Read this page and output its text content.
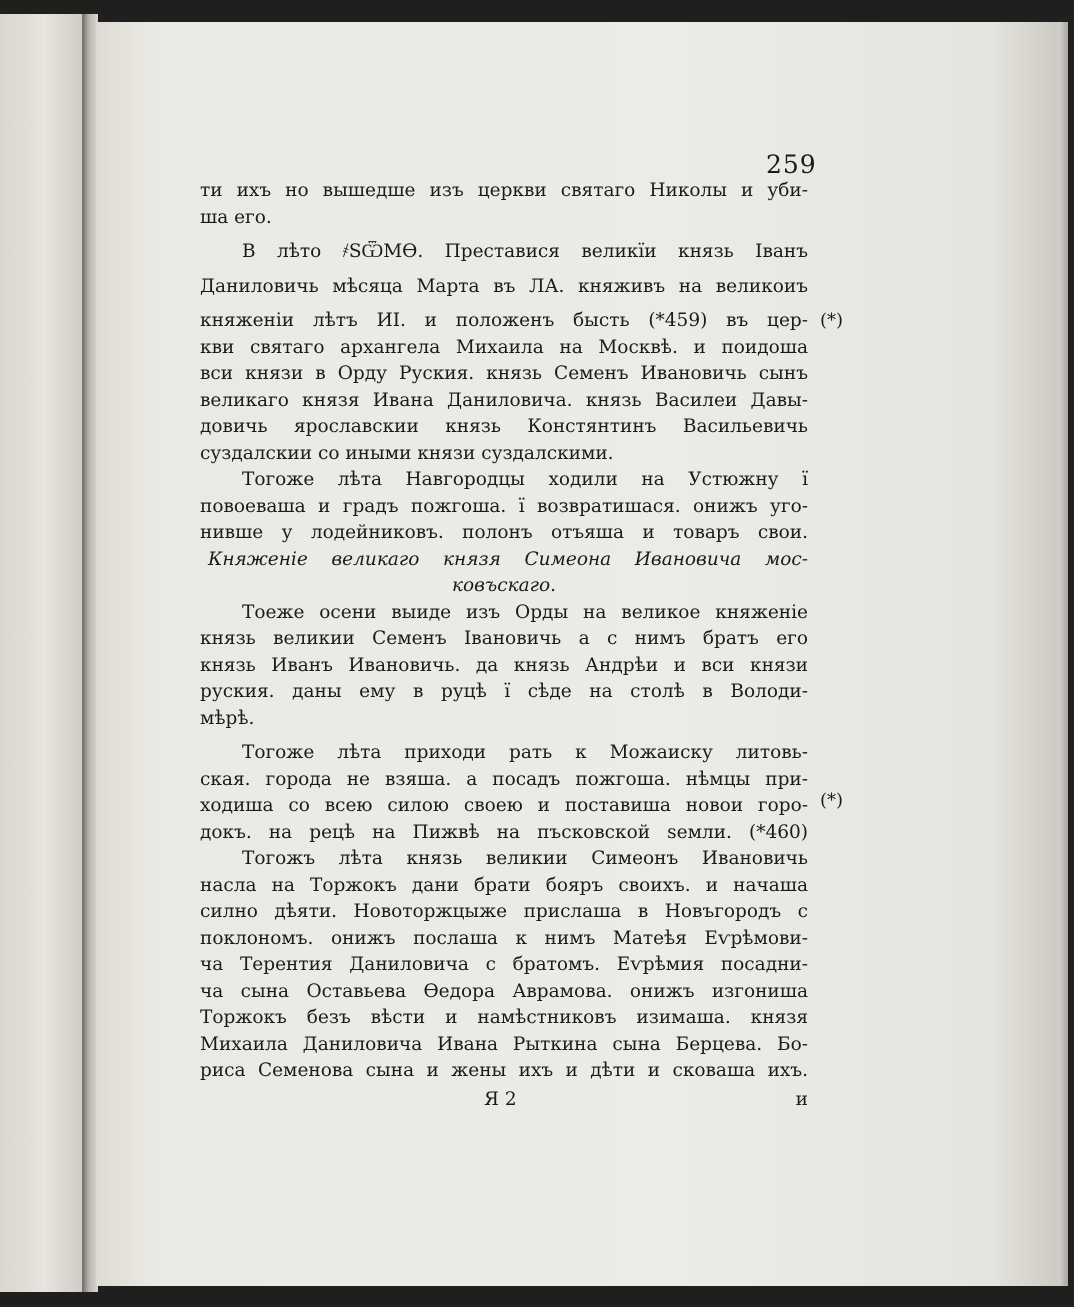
259
ти ихъ но вышедше изъ церкви святаго Николы и уби-
ша его.
В лѣто ҂ЅѾМѲ. Преставися великїи князь Iванъ
Даниловичь мѣсяца Марта въ ЛА. княживъ на великоиъ
княженiи лѣтъ ИI. и положенъ бысть (*459) въ цер-
кви святаго архангела Михаила на Москвѣ. и поидоша
вси князи в Орду Руския. князь Семенъ Ивановичь сынъ
великаго князя Ивана Даниловича. князь Василеи Давы-
довичь ярославскии князь Констянтинъ Васильевичь
суздалскии со иными князи суздалскими.
Тогоже лѣта Навгородцы ходили на Устюжну ї
повоеваша и градъ пожгоша. ї возвратишася. онижъ уго-
нивше у лодейниковъ. полонъ отъяша и товаръ свои.
Княженiе великаго князя Симеона Ивановича мос-
ковъскаго.
Тоеже осени выиде изъ Орды на великое княженiе
князь великии Семенъ Iвановичь а с нимъ братъ его
князь Иванъ Ивановичь. да князь Андрѣи и вси князи
руския. даны ему в руцѣ ї сѣде на столѣ в Володи-
мѣрѣ.
Тогоже лѣта приходи рать к Можаиску литовь-
ская. города не взяша. а посадъ пожгоша. нѣмцы при-
ходиша со всею силою своею и поставиша новои горо-
докъ. на рецѣ на Пижвѣ на пъсковской ѕемли. (*460)
Тогожъ лѣта князь великии Симеонъ Ивановичь
насла на Торжокъ дани брати бояръ своихъ. и начаша
силно дѣяти. Новоторжцыже прислаша в Новъгородъ с
поклономъ. онижъ послаша к нимъ Матеѣя Еѵрѣмови-
ча Терентия Даниловича с братомъ. Еѵрѣмия посадни-
ча сына Оставьева Ѳедора Аврамова. онижъ изгониша
Торжокъ безъ вѣсти и намѣстниковъ изимаша. князя
Михаила Даниловича Ивана Рыткина сына Берцева. Бо-
риса Семенова сына и жены ихъ и дѣти и сковаша ихъ.
Я 2	и
(*)
(*)
